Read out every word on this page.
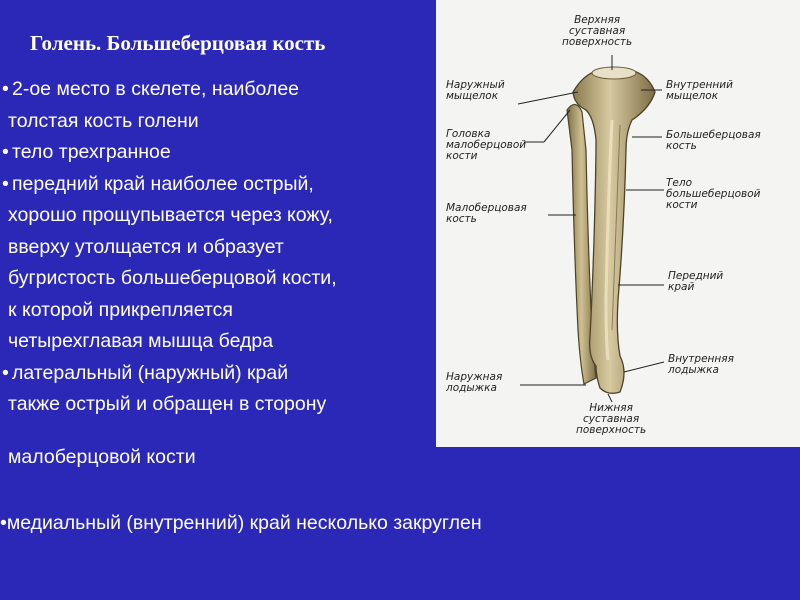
Голень. Большеберцовая кость
• 2-ое место в скелете, наиболее
толстая кость голени
• тело трехгранное
• передний край наиболее острый,
хорошо прощупывается через кожу,
вверху утолщается и образует
бугристость большеберцовой кости,
к которой прикрепляется
четырехглавая мышца бедра
• латеральный (наружный) край
также острый и обращен в сторону
малоберцовой кости
•медиальный (внутренний) край несколько закруглен
Верхняя
суставная
поверхность
Наружный
мыщелок
Головка
малоберцовой
кости
Малоберцовая
кость
Наружная
лодыжка
Внутренний
мыщелок
Большеберцовая
кость
Тело
большеберцовой
кости
Передний
край
Внутренняя
лодыжка
Нижняя
суставная
поверхность
